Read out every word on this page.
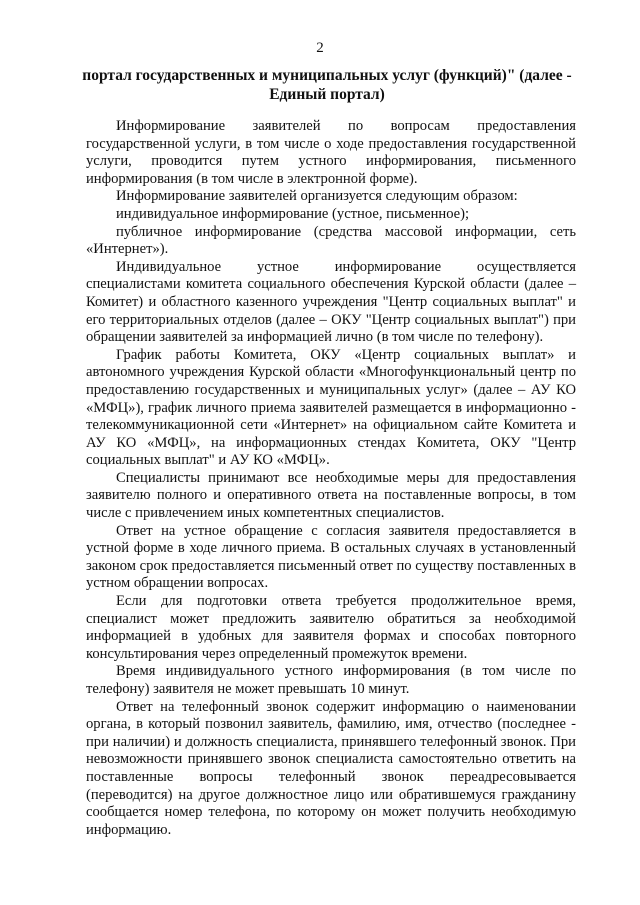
2
портал государственных и муниципальных услуг (функций)" (далее - Единый портал)

Информирование заявителей по вопросам предоставления государственной услуги, в том числе о ходе предоставления государственной услуги, проводится путем устного информирования, письменного информирования (в том числе в электронной форме).

Информирование заявителей организуется следующим образом:

индивидуальное информирование (устное, письменное);

публичное информирование (средства массовой информации, сеть «Интернет»).

Индивидуальное устное информирование осуществляется специалистами комитета социального обеспечения Курской области (далее – Комитет) и областного казенного учреждения "Центр социальных выплат" и его территориальных отделов (далее – ОКУ "Центр социальных выплат") при обращении заявителей за информацией лично (в том числе по телефону).

График работы Комитета, ОКУ «Центр социальных выплат» и автономного учреждения Курской области «Многофункциональный центр по предоставлению государственных и муниципальных услуг» (далее – АУ КО «МФЦ»), график личного приема заявителей размещается в информационно - телекоммуникационной сети «Интернет» на официальном сайте Комитета и АУ КО «МФЦ», на информационных стендах Комитета, ОКУ "Центр социальных выплат" и АУ КО «МФЦ».

Специалисты принимают все необходимые меры для предоставления заявителю полного и оперативного ответа на поставленные вопросы, в том числе с привлечением иных компетентных специалистов.

Ответ на устное обращение с согласия заявителя предоставляется в устной форме в ходе личного приема. В остальных случаях в установленный законом срок предоставляется письменный ответ по существу поставленных в устном обращении вопросах.

Если для подготовки ответа требуется продолжительное время, специалист может предложить заявителю обратиться за необходимой информацией в удобных для заявителя формах и способах повторного консультирования через определенный промежуток времени.

Время индивидуального устного информирования (в том числе по телефону) заявителя не может превышать 10 минут.

Ответ на телефонный звонок содержит информацию о наименовании органа, в который позвонил заявитель, фамилию, имя, отчество (последнее - при наличии) и должность специалиста, принявшего телефонный звонок. При невозможности принявшего звонок специалиста самостоятельно ответить на поставленные вопросы телефонный звонок переадресовывается (переводится) на другое должностное лицо или обратившемуся гражданину сообщается номер телефона, по которому он может получить необходимую информацию.
